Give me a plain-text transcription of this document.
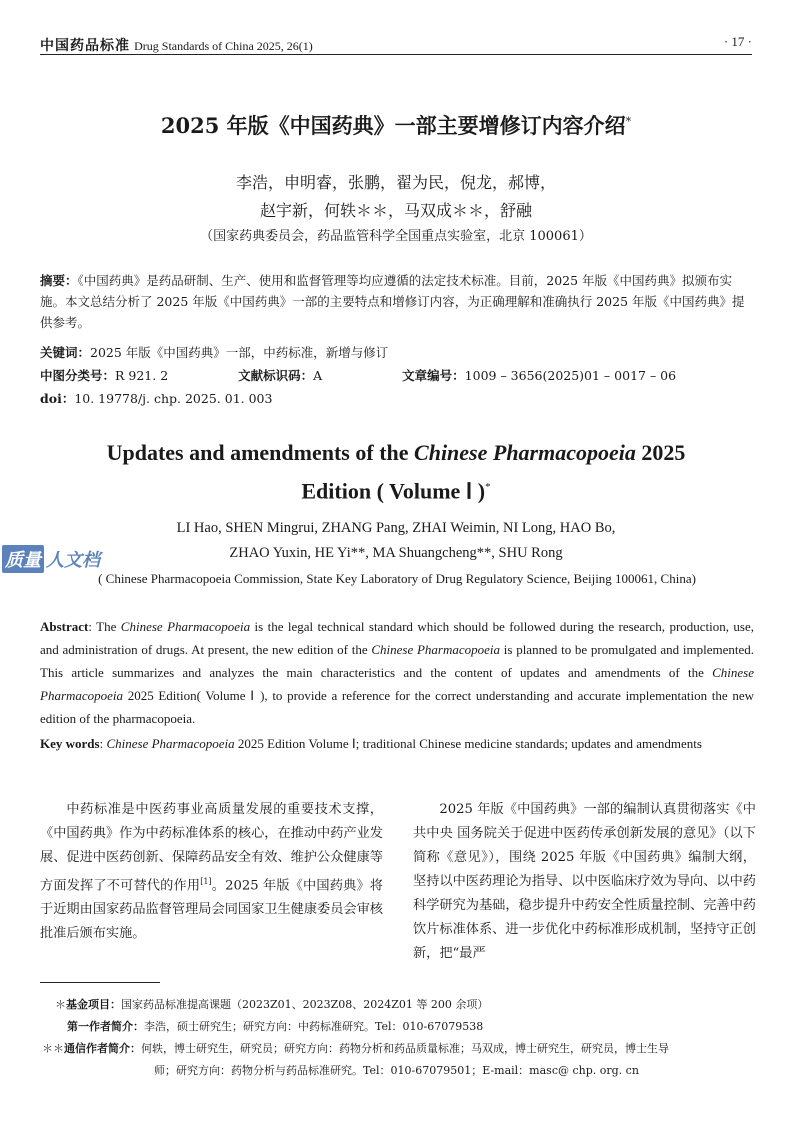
中国药品标准 Drug Standards of China 2025, 26(1)	· 17 ·
2025 年版《中国药典》一部主要增修订内容介绍*
李浩，申明睿，张鹏，翟为民，倪龙，郝博，
赵宇新，何轶＊＊，马双成＊＊，舒融
（国家药典委员会，药品监管科学全国重点实验室，北京 100061）
摘要：《中国药典》是药品研制、生产、使用和监督管理等均应遵循的法定技术标准。目前，2025 年版《中国药典》拟颁布实施。本文总结分析了 2025 年版《中国药典》一部的主要特点和增修订内容，为正确理解和准确执行 2025 年版《中国药典》提供参考。
关键词：2025 年版《中国药典》一部，中药标准，新增与修订
中图分类号：R 921. 2	文献标识码：A	文章编号：1009 – 3656(2025)01 – 0017 – 06
doi：10. 19778/j. chp. 2025. 01. 003
Updates and amendments of the Chinese Pharmacopoeia 2025
Edition ( Volume Ⅰ )*
LI Hao, SHEN Mingrui, ZHANG Pang, ZHAI Weimin, NI Long, HAO Bo,
ZHAO Yuxin, HE Yi**, MA Shuangcheng**, SHU Rong
( Chinese Pharmacopoeia Commission, State Key Laboratory of Drug Regulatory Science, Beijing 100061, China)
质量 人文档
Abstract: The Chinese Pharmacopoeia is the legal technical standard which should be followed during the research, production, use, and administration of drugs. At present, the new edition of the Chinese Pharmacopoeia is planned to be promulgated and implemented. This article summarizes and analyzes the main characteristics and the content of updates and amendments of the Chinese Pharmacopoeia 2025 Edition( Volume Ⅰ ), to provide a reference for the correct understanding and accurate implementation the new edition of the pharmacopoeia.
Key words: Chinese Pharmacopoeia 2025 Edition Volume Ⅰ; traditional Chinese medicine standards; updates and amendments

中药标准是中医药事业高质量发展的重要技术支撑，《中国药典》作为中药标准体系的核心，在推动中药产业发展、促进中医药创新、保障药品安全有效、维护公众健康等方面发挥了不可替代的作用[1]。2025 年版《中国药典》将于近期由国家药品监督管理局会同国家卫生健康委员会审核批准后颁布实施。

2025 年版《中国药典》一部的编制认真贯彻落实《中共中央 国务院关于促进中医药传承创新发展的意见》（以下简称《意见》），围绕 2025 年版《中国药典》编制大纲，坚持以中医药理论为指导、以中医临床疗效为导向、以中药科学研究为基础，稳步提升中药安全性质量控制、完善中药饮片标准体系、进一步优化中药标准形成机制，坚持守正创新，把“最严

＊基金项目：国家药品标准提高课题（2023Z01、2023Z08、2024Z01 等 200 余项）
第一作者简介：李浩，硕士研究生；研究方向：中药标准研究。Tel：010-67079538
＊＊通信作者简介：何轶，博士研究生，研究员；研究方向：药物分析和药品质量标准；马双成，博士研究生，研究员，博士生导
师；研究方向：药物分析与药品标准研究。Tel：010-67079501；E-mail：masc@ chp. org. cn
